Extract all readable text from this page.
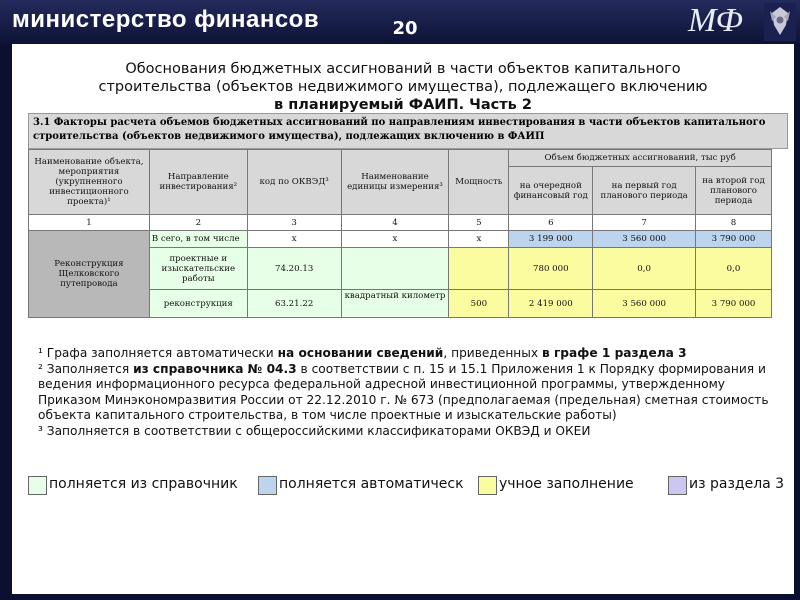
министерство финансов	МФ
Обоснования бюджетных ассигнований в части объектов капитального
строительства (объектов недвижимого имущества), подлежащего включению
в планируемый ФАИП. Часть 2
3.1 Факторы расчета объемов бюджетных ассигнований по направлениям инвестирования в части объектов капитального строительства (объектов недвижимого имущества), подлежащих включению в ФАИП
Наименование объекта, мероприятия (укрупненного инвестиционного проекта)¹	Направление инвестирования²	код по ОКВЭД³	Наименование единицы измерения³	Мощность	Объем бюджетных ассигнований, тыс руб		
					на очередной финансовый год	на первый год планового периода	на второй год планового периода
1	2	3	4	5	6	7	8
Реконструкция Щелковского путепровода	В сего, в том числе	х	х	х	3 199 000	3 560 000	3 790 000
	проектные и изыскательские работы	74.20.13			780 000	0,0	0,0
	реконструкция	63.21.22	квадратный километр	500	2 419 000	3 560 000	3 790 000

¹ Графа заполняется автоматически на основании сведений, приведенных в графе 1 раздела 3

² Заполняется из справочника № 04.3 в соответствии с п. 15 и 15.1 Приложения 1 к Порядку формирования и ведения информационного ресурса федеральной адресной инвестиционной программы, утвержденному Приказом Минэкономразвития России от 22.12.2010 г. № 673 (предполагаемая (предельная) сметная стоимость объекта капитального строительства, в том числе проектные и изыскательские работы)

³ Заполняется в соответствии с общероссийскими классификаторами ОКВЭД и ОКЕИ

полняется из справочник	полняется автоматическ	учное заполнение	из раздела 3
20
